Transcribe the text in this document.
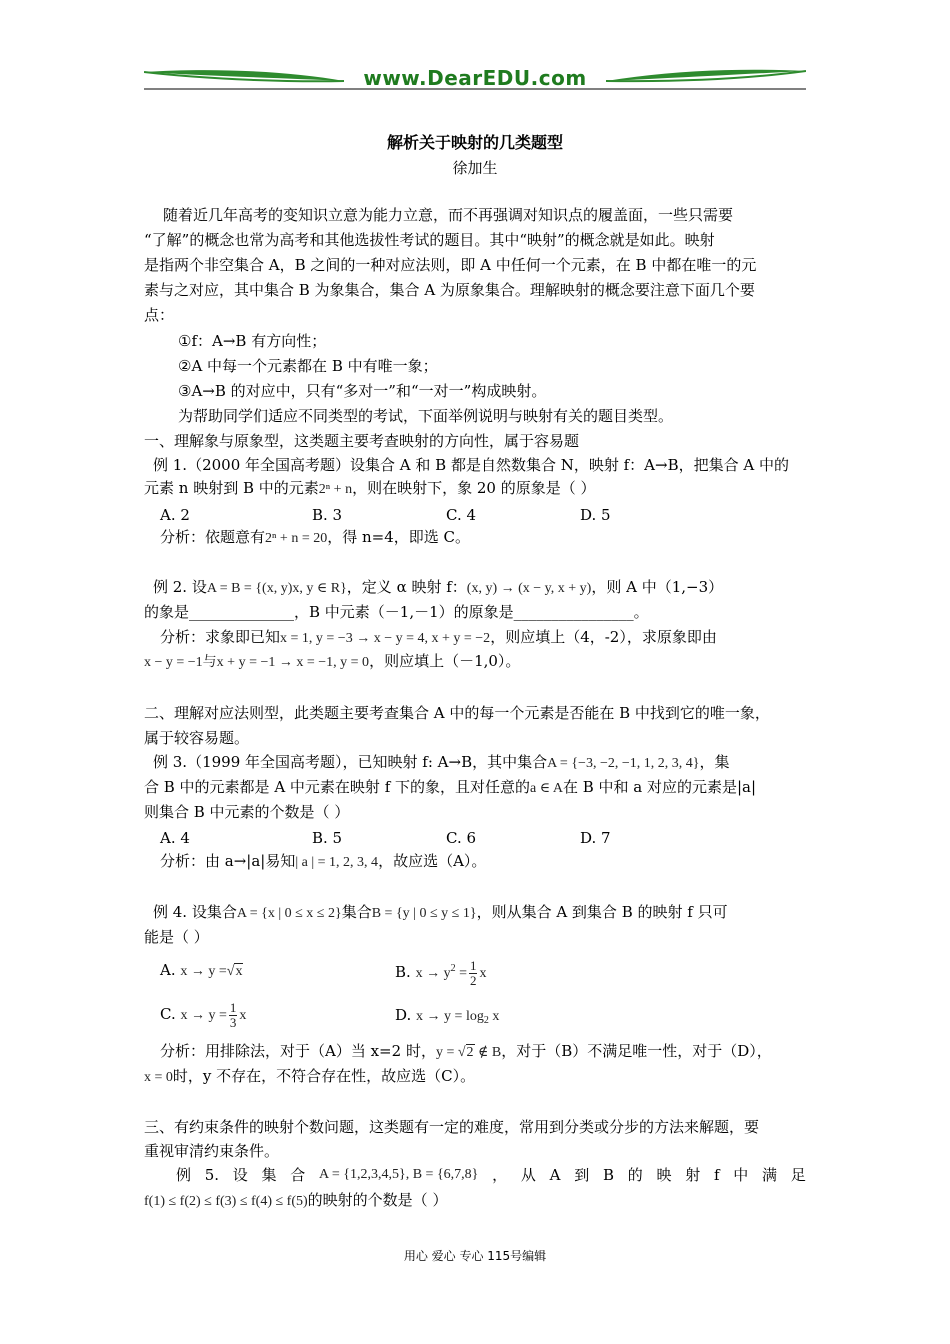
www.DearEDU.com
解析关于映射的几类题型
徐加生
随着近几年高考的变知识立意为能力立意，而不再强调对知识点的履盖面，一些只需要
“了解”的概念也常为高考和其他选拔性考试的题目。其中“映射”的概念就是如此。映射
是指两个非空集合 A，B 之间的一种对应法则，即 A 中任何一个元素，在 B 中都在唯一的元
素与之对应，其中集合 B 为象集合，集合 A 为原象集合。理解映射的概念要注意下面几个要
点：
①f：A→B 有方向性；
②A 中每一个元素都在 B 中有唯一象；
③A→B 的对应中，只有“多对一”和“一对一”构成映射。
为帮助同学们适应不同类型的考试，下面举例说明与映射有关的题目类型。
一、理解象与原象型，这类题主要考查映射的方向性，属于容易题
例 1.（2000 年全国高考题）设集合 A 和 B 都是自然数集合 N，映射 f：A→B，把集合 A 中的
元素 n 映射到 B 中的元素2ⁿ + n，则在映射下，象 20 的原象是（ ）
A. 2	B. 3	C. 4	D. 5
分析：依题意有2ⁿ + n = 20，得 n=4，即选 C。
例 2. 设A = B = {(x, y)x, y ∈ R}，定义 α 映射 f：(x, y) → (x − y, x + y)，则 A 中（1,−3）
的象是______________，B 中元素（－1,－1）的原象是________________。
分析：求象即已知x = 1, y = −3 → x − y = 4, x + y = −2，则应填上（4，-2），求原象即由
x − y = −1与x + y = −1 → x = −1, y = 0，则应填上（－1,0）。
二、理解对应法则型，此类题主要考查集合 A 中的每一个元素是否能在 B 中找到它的唯一象，
属于较容易题。
例 3.（1999 年全国高考题），已知映射 f: A→B，其中集合A = {−3, −2, −1, 1, 2, 3, 4}，集
合 B 中的元素都是 A 中元素在映射 f 下的象，且对任意的a ∈ A在 B 中和 a 对应的元素是|a|
则集合 B 中元素的个数是（ ）
A. 4	B. 5	C. 6	D. 7
分析：由 a→|a|易知| a | = 1, 2, 3, 4，故应选（A）。
例 4. 设集合A = {x | 0 ≤ x ≤ 2}集合B = {y | 0 ≤ y ≤ 1}，则从集合 A 到集合 B 的映射 f 只可
能是（ ）
A. x → y =√x	B. $x \to y^2 = \frac{1}{2}$ x
C. $x \to y = \frac{1}{3}$ x	D. $x \to y = \log_2 x$
分析：用排除法，对于（A）当 x=2 时，y = √2 ∉ B，对于（B）不满足唯一性，对于（D），
x = 0时，y 不存在，不符合存在性，故应选（C）。
三、有约束条件的映射个数问题，这类题有一定的难度，常用到分类或分步的方法来解题，要
重视审清约束条件。
例 5. 设 集 合 A = {1,2,3,4,5}, B = {6,7,8} ， 从 A 到 B 的 映 射 f 中 满 足
f(1) ≤ f(2) ≤ f(3) ≤ f(4) ≤ f(5)的映射的个数是（ ）
用心 爱心 专心 115号编辑
